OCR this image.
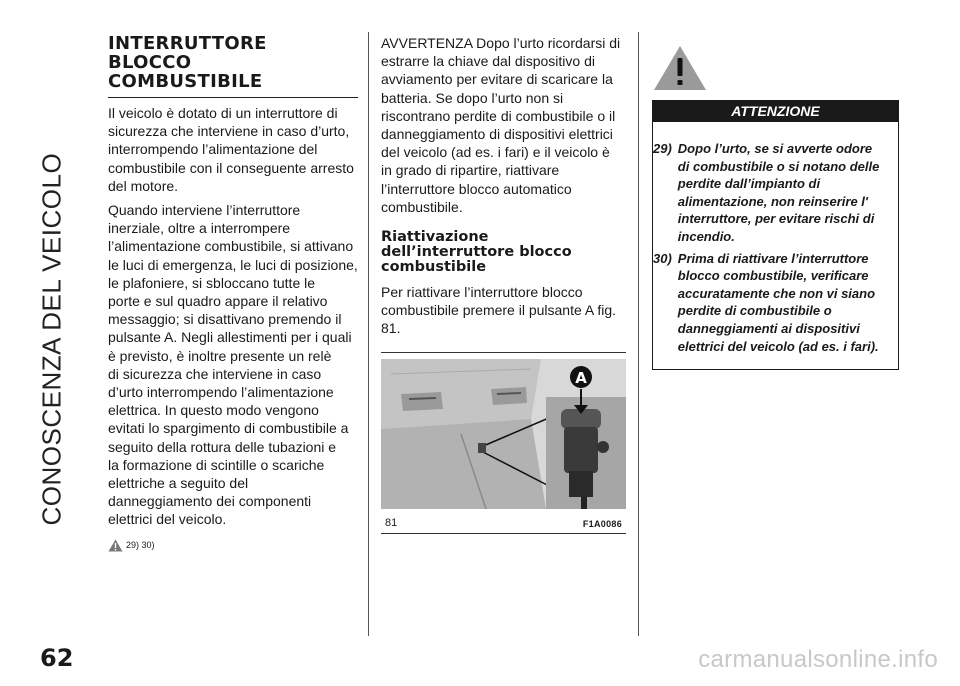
CONOSCENZA DEL VEICOLO
62
INTERRUTTORE
BLOCCO
COMBUSTIBILE

Il veicolo è dotato di un interruttore di
sicurezza che interviene in caso d’urto,
interrompendo l’alimentazione del
combustibile con il conseguente arresto
del motore.

Quando interviene l’interruttore
inerziale, oltre a interrompere
l’alimentazione combustibile, si attivano
le luci di emergenza, le luci di posizione,
le plafoniere, si sbloccano tutte le
porte e sul quadro appare il relativo
messaggio; si disattivano premendo il
pulsante A. Negli allestimenti per i quali
è previsto, è inoltre presente un relè
di sicurezza che interviene in caso
d’urto interrompendo l’alimentazione
elettrica. In questo modo vengono
evitati lo spargimento di combustibile a
seguito della rottura delle tubazioni e
la formazione di scintille o scariche
elettriche a seguito del
danneggiamento dei componenti
elettrici del veicolo.

29) 30)

AVVERTENZA Dopo l’urto ricordarsi di
estrarre la chiave dal dispositivo di
avviamento per evitare di scaricare la
batteria. Se dopo l’urto non si
riscontrano perdite di combustibile o il
danneggiamento di dispositivi elettrici
del veicolo (ad es. i fari) e il veicolo è
in grado di ripartire, riattivare
l’interruttore blocco automatico
combustibile.

Riattivazione
dell’interruttore blocco
combustibile

Per riattivare l’interruttore blocco
combustibile premere il pulsante A fig.
81.

A
81	F1A0086
ATTENZIONE
29) Dopo l’urto, se si avverte odore
di combustibile o si notano delle
perdite dall’impianto di
alimentazione, non reinserire l'
interruttore, per evitare rischi di
incendio.
30) Prima di riattivare l’interruttore
blocco combustibile, verificare
accuratamente che non vi siano
perdite di combustibile o
danneggiamenti ai dispositivi
elettrici del veicolo (ad es. i fari).
carmanualsonline.info
